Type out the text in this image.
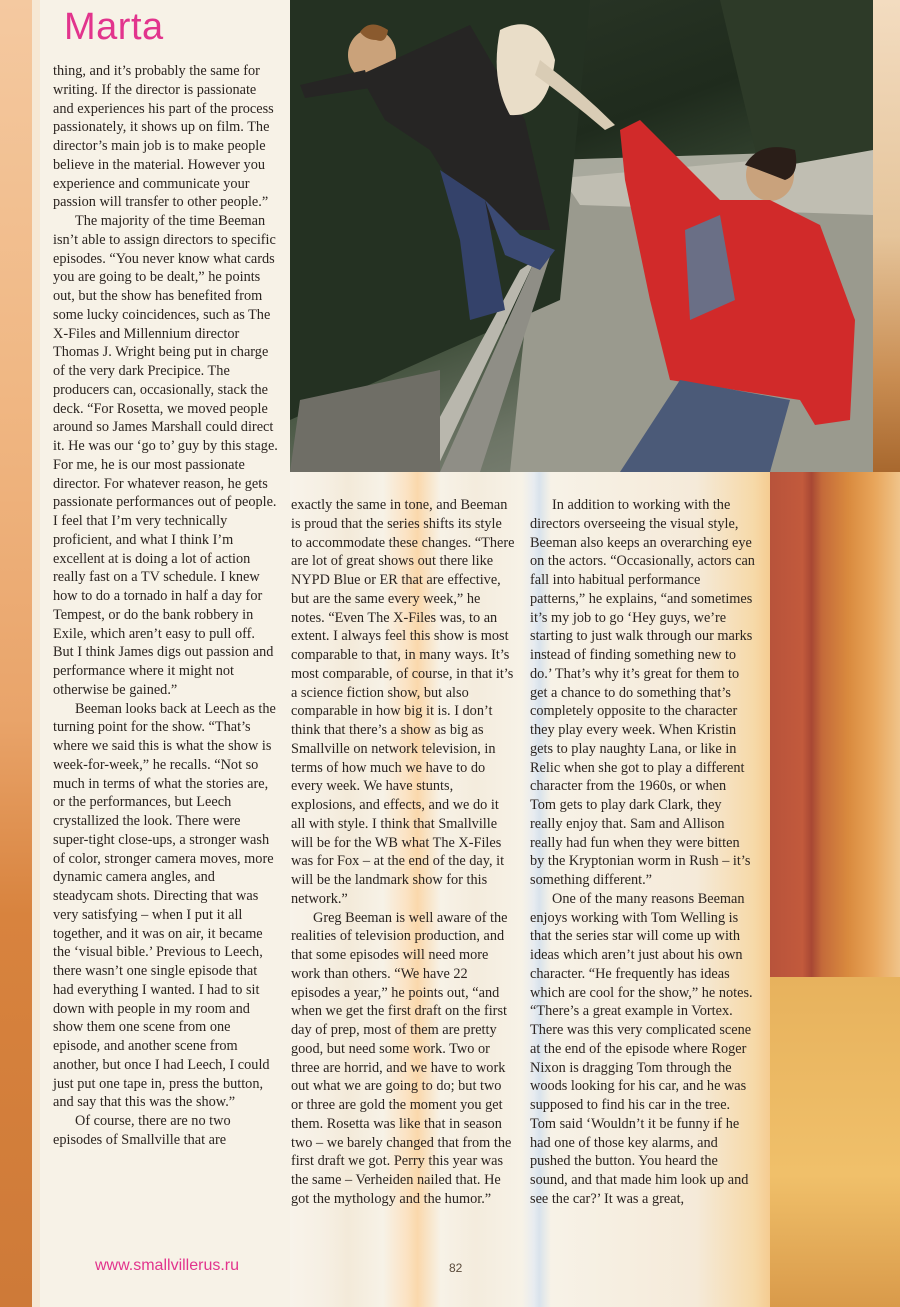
Marta

thing, and it’s probably the same for writing. If the director is passionate and experiences his part of the process passionately, it shows up on film. The director’s main job is to make people believe in the material. However you experience and communicate your passion will transfer to other people.”

The majority of the time Beeman isn’t able to assign directors to specific episodes. “You never know what cards you are going to be dealt,” he points out, but the show has benefited from some lucky coincidences, such as The X-Files and Millennium director Thomas J. Wright being put in charge of the very dark Precipice. The producers can, occasionally, stack the deck. “For Rosetta, we moved people around so James Marshall could direct it. He was our ‘go to’ guy by this stage. For me, he is our most passionate director. For whatever reason, he gets passionate performances out of people. I feel that I’m very technically proficient, and what I think I’m excellent at is doing a lot of action really fast on a TV schedule. I knew how to do a tornado in half a day for Tempest, or do the bank robbery in Exile, which aren’t easy to pull off. But I think James digs out passion and performance where it might not otherwise be gained.”

Beeman looks back at Leech as the turning point for the show. “That’s where we said this is what the show is week-for-week,” he recalls. “Not so much in terms of what the stories are, or the performances, but Leech crystallized the look. There were super-tight close-ups, a stronger wash of color, stronger camera moves, more dynamic camera angles, and steadycam shots. Directing that was very satisfying – when I put it all together, and it was on air, it became the ‘visual bible.’ Previous to Leech, there wasn’t one single episode that had everything I wanted. I had to sit down with people in my room and show them one scene from one episode, and another scene from another, but once I had Leech, I could just put one tape in, press the button, and say that this was the show.”

Of course, there are no two episodes of Smallville that are

exactly the same in tone, and Beeman is proud that the series shifts its style to accommodate these changes. “There are lot of great shows out there like NYPD Blue or ER that are effective, but are the same every week,” he notes. “Even The X-Files was, to an extent. I always feel this show is most comparable to that, in many ways. It’s most comparable, of course, in that it’s a science fiction show, but also comparable in how big it is. I don’t think that there’s a show as big as Smallville on network television, in terms of how much we have to do every week. We have stunts, explosions, and effects, and we do it all with style. I think that Smallville will be for the WB what The X-Files was for Fox – at the end of the day, it will be the landmark show for this network.”

Greg Beeman is well aware of the realities of television production, and that some episodes will need more work than others. “We have 22 episodes a year,” he points out, “and when we get the first draft on the first day of prep, most of them are pretty good, but need some work. Two or three are horrid, and we have to work out what we are going to do; but two or three are gold the moment you get them. Rosetta was like that in season two – we barely changed that from the first draft we got. Perry this year was the same – Verheiden nailed that. He got the mythology and the humor.”

In addition to working with the directors overseeing the visual style, Beeman also keeps an overarching eye on the actors. “Occasionally, actors can fall into habitual performance patterns,” he explains, “and sometimes it’s my job to go ‘Hey guys, we’re starting to just walk through our marks instead of finding something new to do.’ That’s why it’s great for them to get a chance to do something that’s completely opposite to the character they play every week. When Kristin gets to play naughty Lana, or like in Relic when she got to play a different character from the 1960s, or when Tom gets to play dark Clark, they really enjoy that. Sam and Allison really had fun when they were bitten by the Kryptonian worm in Rush – it’s something different.”

One of the many reasons Beeman enjoys working with Tom Welling is that the series star will come up with ideas which aren’t just about his own character. “He frequently has ideas which are cool for the show,” he notes. “There’s a great example in Vortex. There was this very complicated scene at the end of the episode where Roger Nixon is dragging Tom through the woods looking for his car, and he was supposed to find his car in the tree. Tom said ‘Wouldn’t it be funny if he had one of those key alarms, and pushed the button. You heard the sound, and that made him look up and see the car?’ It was a great,

www.smallvillerus.ru	82
